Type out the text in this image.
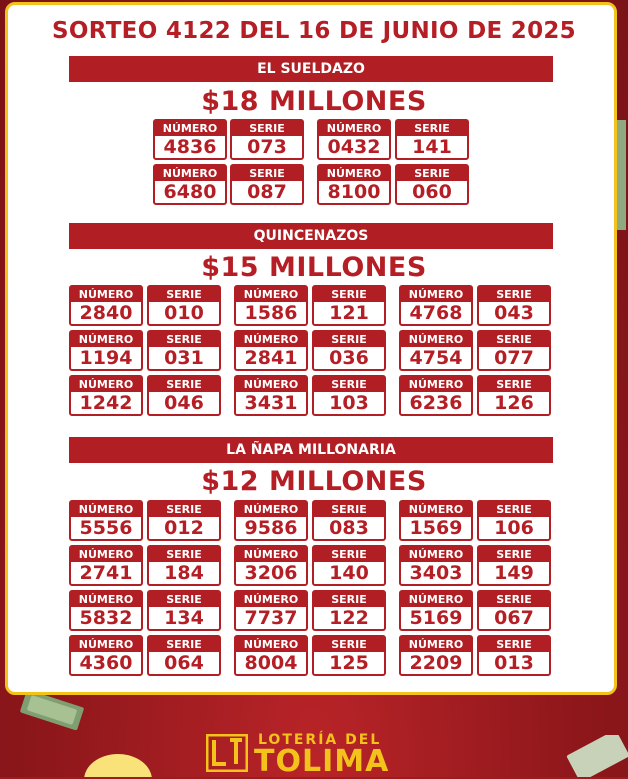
SORTEO 4122 DEL 16 DE JUNIO DE 2025
EL SUELDAZO
$18 MILLONES
NÚMERO
4836
SERIE
073
NÚMERO
0432
SERIE
141
NÚMERO
6480
SERIE
087
NÚMERO
8100
SERIE
060
QUINCENAZOS
$15 MILLONES
NÚMERO
2840
SERIE
010
NÚMERO
1586
SERIE
121
NÚMERO
4768
SERIE
043
NÚMERO
1194
SERIE
031
NÚMERO
2841
SERIE
036
NÚMERO
4754
SERIE
077
NÚMERO
1242
SERIE
046
NÚMERO
3431
SERIE
103
NÚMERO
6236
SERIE
126
LA ÑAPA MILLONARIA
$12 MILLONES
NÚMERO
5556
SERIE
012
NÚMERO
9586
SERIE
083
NÚMERO
1569
SERIE
106
NÚMERO
2741
SERIE
184
NÚMERO
3206
SERIE
140
NÚMERO
3403
SERIE
149
NÚMERO
5832
SERIE
134
NÚMERO
7737
SERIE
122
NÚMERO
5169
SERIE
067
NÚMERO
4360
SERIE
064
NÚMERO
8004
SERIE
125
NÚMERO
2209
SERIE
013
LOTERÍA DEL
TOLIMA
